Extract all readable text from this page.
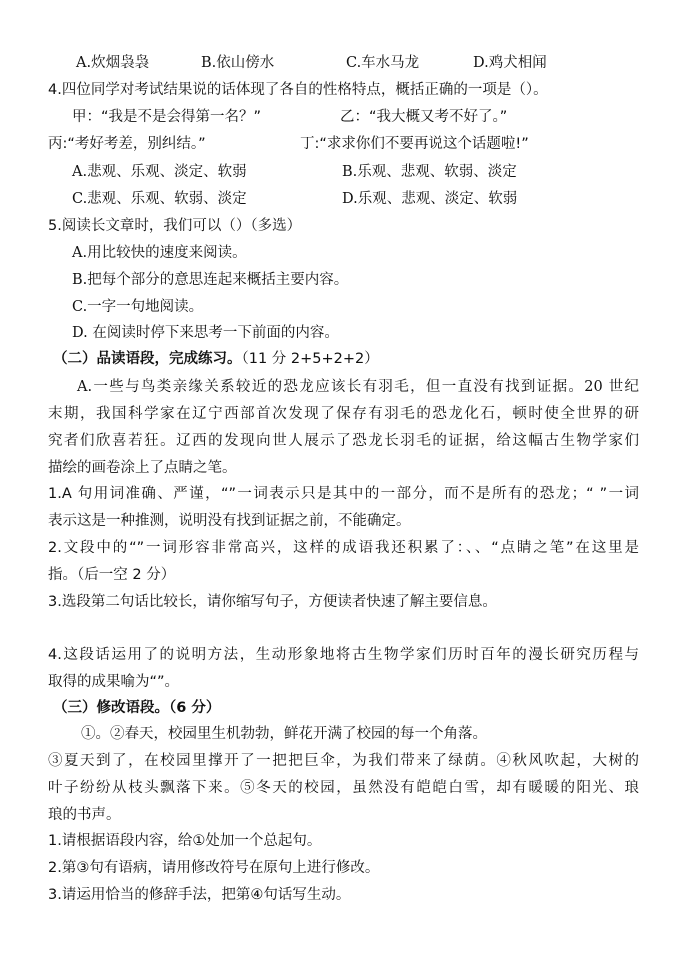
A.炊烟袅袅	B.依山傍水	C.车水马龙	D.鸡犬相闻
4.四位同学对考试结果说的话体现了各自的性格特点，概括正确的一项是（）。
甲：“我是不是会得第一名？”	乙：“我大概又考不好了。”
丙:“考好考差，别纠结。”	丁:“求求你们不要再说这个话题啦!”
A.悲观、乐观、淡定、软弱	B.乐观、悲观、软弱、淡定
C.悲观、乐观、软弱、淡定	D.乐观、悲观、淡定、软弱
5.阅读长文章时，我们可以（）（多选）
A.用比较快的速度来阅读。
B.把每个部分的意思连起来概括主要内容。
C.一字一句地阅读。
D. 在阅读时停下来思考一下前面的内容。
（二）品读语段，完成练习。（11 分 2+5+2+2）
A.一些与鸟类亲缘关系较近的恐龙应该长有羽毛，但一直没有找到证据。20 世纪
末期，我国科学家在辽宁西部首次发现了保存有羽毛的恐龙化石，顿时使全世界的研
究者们欣喜若狂。辽西的发现向世人展示了恐龙长羽毛的证据，给这幅古生物学家们
描绘的画卷涂上了点睛之笔。
1.A 句用词准确、严谨，“”一词表示只是其中的一部分，而不是所有的恐龙；“ ”一词
表示这是一种推测，说明没有找到证据之前，不能确定。
2.文段中的“”一词形容非常高兴，这样的成语我还积累了：、、“点睛之笔”在这里是
指。（后一空 2 分）
3.选段第二句话比较长，请你缩写句子，方便读者快速了解主要信息。
4.这段话运用了的说明方法，生动形象地将古生物学家们历时百年的漫长研究历程与
取得的成果喻为“”。
（三）修改语段。（6 分）
①。②春天，校园里生机勃勃，鲜花开满了校园的每一个角落。
③夏天到了，在校园里撑开了一把把巨伞，为我们带来了绿荫。④秋风吹起，大树的
叶子纷纷从枝头飘落下来。⑤冬天的校园，虽然没有皑皑白雪，却有暖暖的阳光、琅
琅的书声。
1.请根据语段内容，给①处加一个总起句。
2.第③句有语病，请用修改符号在原句上进行修改。
3.请运用恰当的修辞手法，把第④句话写生动。
